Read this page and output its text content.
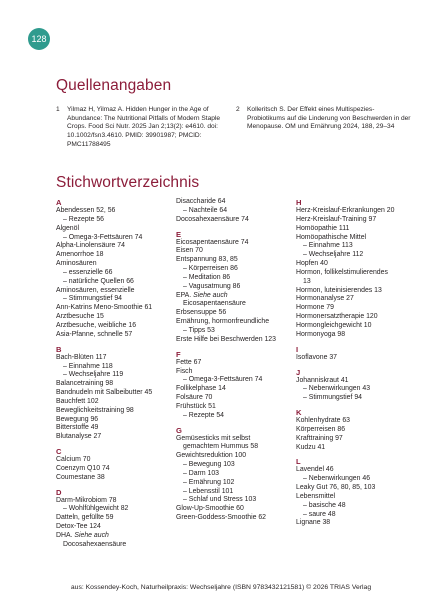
128
Quellenangaben
1 Yilmaz H, Yilmaz A. Hidden Hunger in the Age of Abundance: The Nutritional Pitfalls of Modern Staple Crops. Food Sci Nutr. 2025 Jan 2;13(2): e4610. doi: 10.1002/fsn3.4610. PMID: 39901987; PMCID: PMC11788495
2 Kolleritsch S. Der Effekt eines Multispezies-Probiotikums auf die Linderung von Beschwerden in der Menopause. OM und Ernährung 2024, 188, 29–34
Stichwortverzeichnis
A
Abendessen 52, 56
– Rezepte 56
Algenöl
– Omega-3-Fettsäuren 74
Alpha-Linolensäure 74
Amenorrhoe 18
Aminosäuren
– essenzielle 66
– natürliche Quellen 66
Aminosäuren, essenzielle
– Stimmungstief 94
Ann-Katrins Meno-Smoothie 61
Arztbesuche 15
Arztbesuche, weibliche 16
Asia-Pfanne, schnelle 57
B
Bach-Blüten 117
– Einnahme 118
– Wechseljahre 119
Balancetraining 98
Bandnudeln mit Salbeibutter 45
Bauchfett 102
Beweglichkeitstraining 98
Bewegung 96
Bitterstoffe 49
Blutanalyse 27
C
Calcium 70
Coenzym Q10 74
Coumestane 38
D
Darm-Mikrobiom 78
– Wohlfühlgewicht 82
Datteln, gefüllte 59
Detox-Tee 124
DHA. Siehe auch
Docosahexaensäure
Disaccharide 64
– Nachteile 64
Docosahexaensäure 74
E
Eicosapentaensäure 74
Eisen 70
Entspannung 83, 85
– Körperreisen 86
– Meditation 86
– Vagusatmung 86
EPA. Siehe auch
Eicosapentaensäure
Erbsensuppe 56
Ernährung, hormonfreundliche
– Tipps 53
Erste Hilfe bei Beschwerden 123
F
Fette 67
Fisch
– Omega-3-Fettsäuren 74
Follikelphase 14
Folsäure 70
Frühstück 51
– Rezepte 54
G
Gemüsesticks mit selbst
gemachtem Hummus 58
Gewichtsreduktion 100
– Bewegung 103
– Darm 103
– Ernährung 102
– Lebensstil 101
– Schlaf und Stress 103
Glow-Up-Smoothie 60
Green-Goddess-Smoothie 62
H
Herz-Kreislauf-Erkrankungen 20
Herz-Kreislauf-Training 97
Homöopathie 111
Homöopathische Mittel
– Einnahme 113
– Wechseljahre 112
Hopfen 40
Hormon, follikelstimulierendes
13
Hormon, luteinisierendes 13
Hormonanalyse 27
Hormone 79
Hormonersatztherapie 120
Hormongleichgewicht 10
Hormonyoga 98
I
Isoflavone 37
J
Johanniskraut 41
– Nebenwirkungen 43
– Stimmungstief 94
K
Kohlenhydrate 63
Körperreisen 86
Krafttraining 97
Kudzu 41
L
Lavendel 46
– Nebenwirkungen 46
Leaky Gut 76, 80, 85, 103
Lebensmittel
– basische 48
– saure 48
Lignane 38
aus: Kossendey-Koch, Naturheilpraxis: Wechseljahre (ISBN 9783432121581) © 2026 TRIAS Verlag
